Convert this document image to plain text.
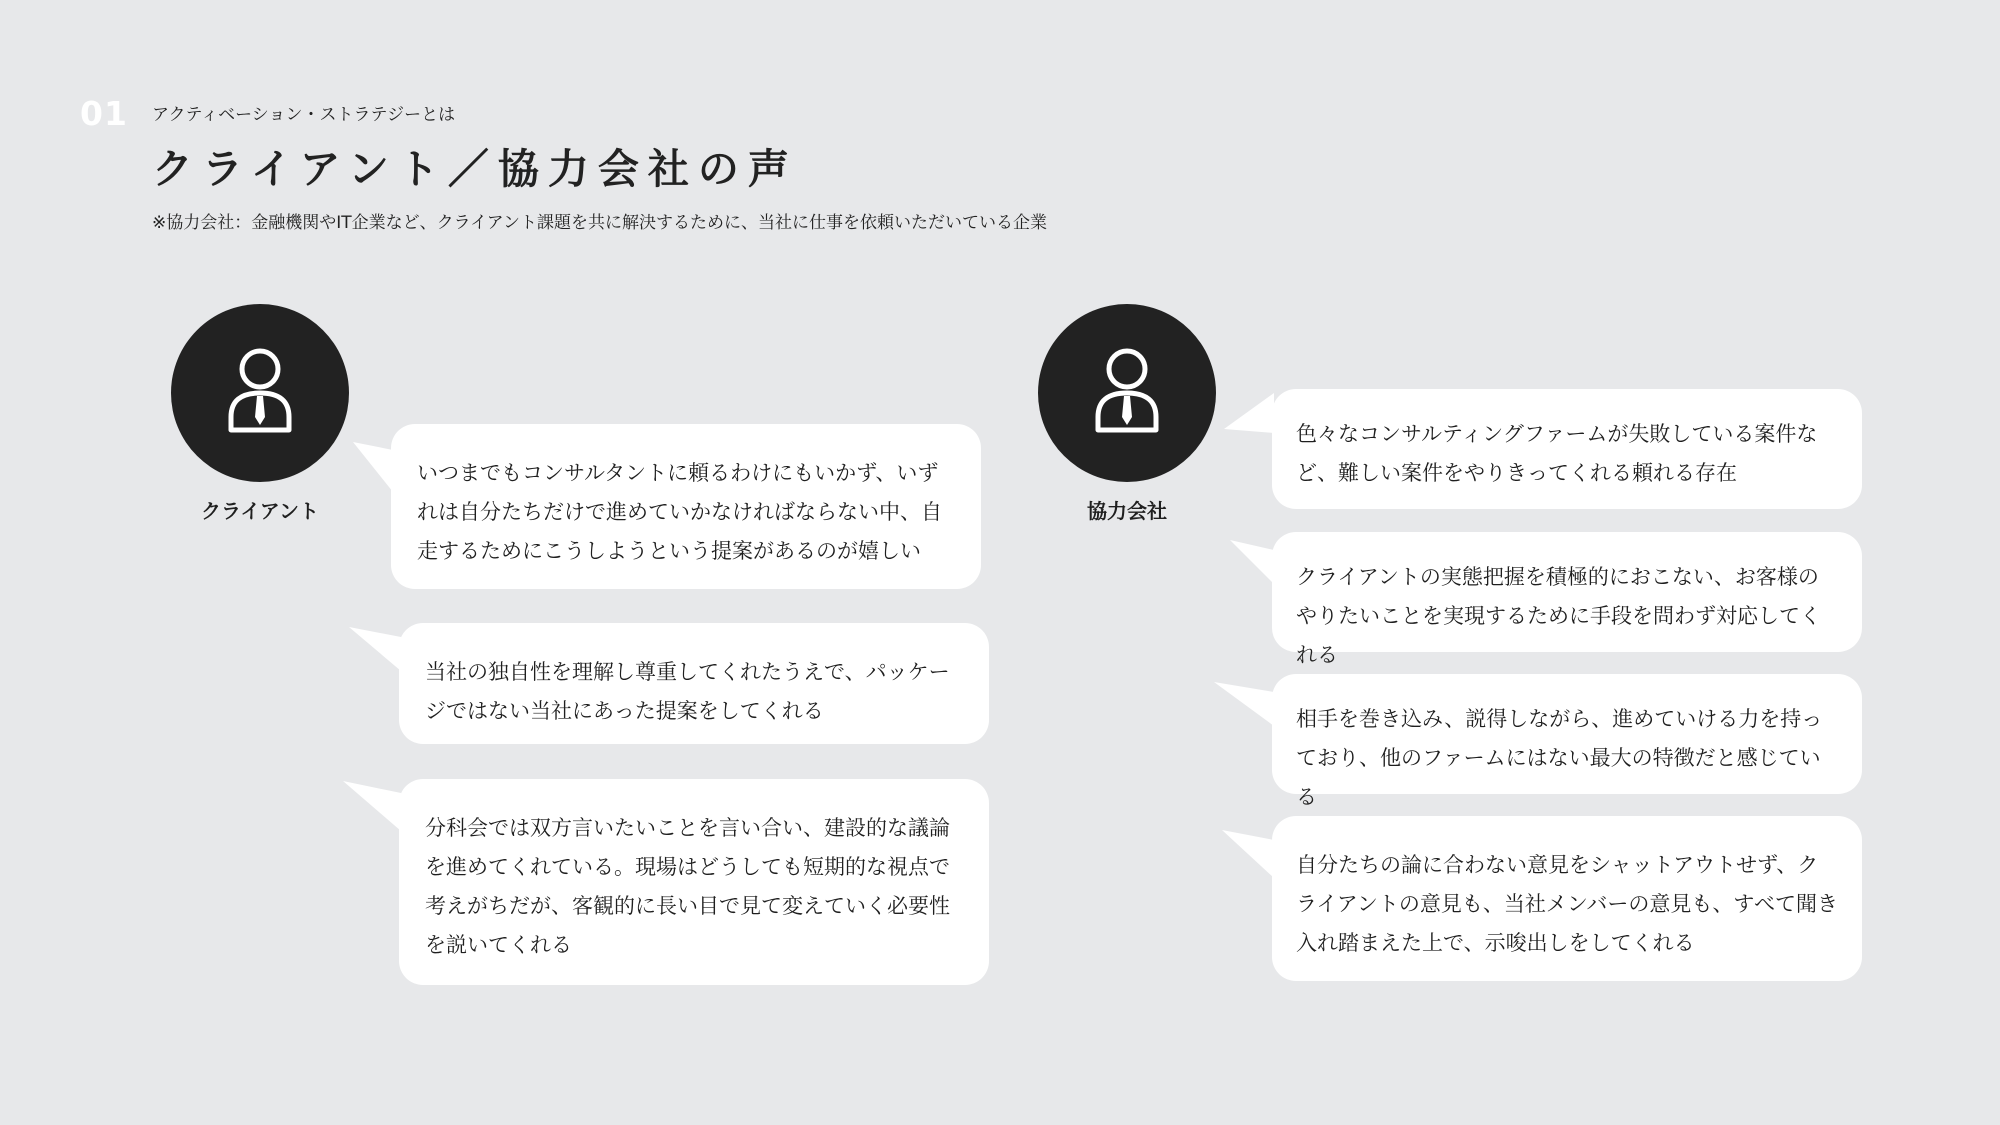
01 アクティベーション・ストラテジーとは
クライアント／協力会社の声
※協力会社：金融機関やIT企業など、クライアント課題を共に解決するために、当社に仕事を依頼いただいている企業
クライアント	協力会社
いつまでもコンサルタントに頼るわけにもいかず、いずれは自分たちだけで進めていかなければならない中、自走するためにこうしようという提案があるのが嬉しい
当社の独自性を理解し尊重してくれたうえで、パッケージではない当社にあった提案をしてくれる
分科会では双方言いたいことを言い合い、建設的な議論を進めてくれている。現場はどうしても短期的な視点で考えがちだが、客観的に長い目で見て変えていく必要性を説いてくれる
色々なコンサルティングファームが失敗している案件など、難しい案件をやりきってくれる頼れる存在
クライアントの実態把握を積極的におこない、お客様のやりたいことを実現するために手段を問わず対応してくれる
相手を巻き込み、説得しながら、進めていける力を持っており、他のファームにはない最大の特徴だと感じている
自分たちの論に合わない意見をシャットアウトせず、クライアントの意見も、当社メンバーの意見も、すべて聞き入れ踏まえた上で、示唆出しをしてくれる
